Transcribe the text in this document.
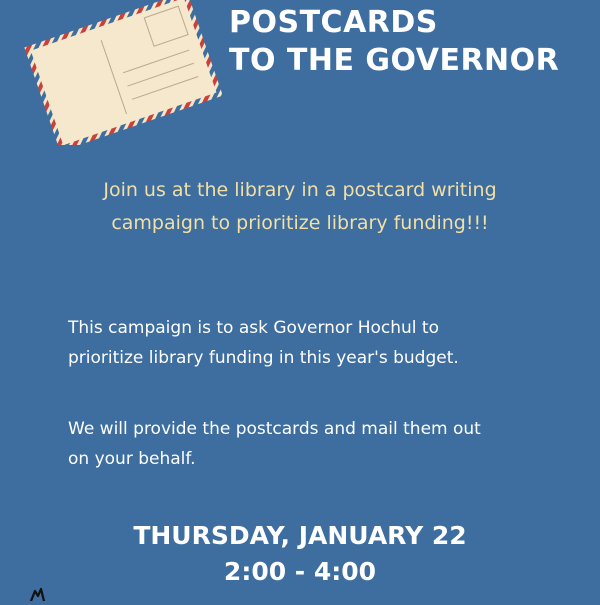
POSTCARDS
TO THE GOVERNOR

Join us at the library in a postcard writing
campaign to prioritize library funding!!!

This campaign is to ask Governor Hochul to
prioritize library funding in this year's budget.

We will provide the postcards and mail them out
on your behalf.

THURSDAY, JANUARY 22
2:00 - 4:00
